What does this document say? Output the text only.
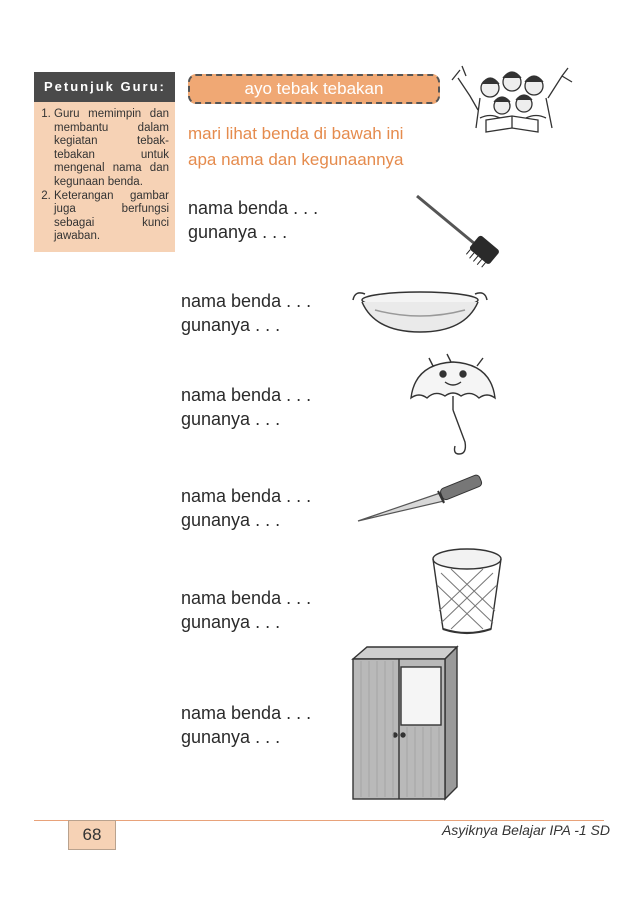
Petunjuk Guru:
1. Guru memimpin dan membantu dalam kegiatan tebak-tebakan untuk mengenal nama dan kegunaan benda.
2. Keterangan gambar juga berfungsi sebagai kunci jawaban.
ayo tebak tebakan
mari lihat benda di bawah ini
apa nama dan kegunaannya
nama benda . . .
gunanya . . .
nama benda . . .
gunanya . . .
nama benda . . .
gunanya . . .
nama benda . . .
gunanya . . .
nama benda . . .
gunanya . . .
nama benda . . .
gunanya . . .
68	Asyiknya Belajar IPA -1 SD
